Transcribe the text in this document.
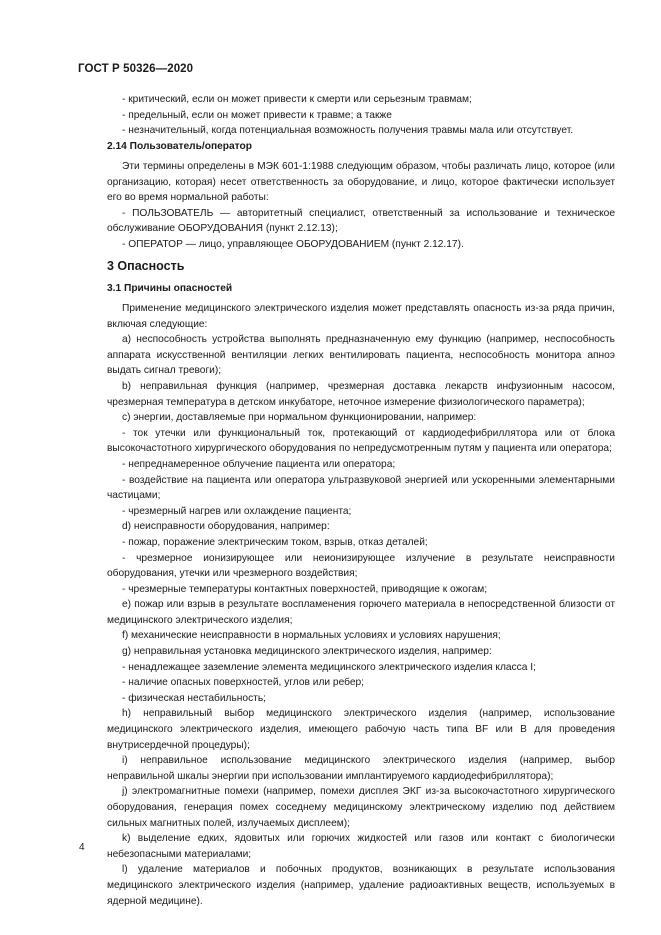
ГОСТ Р 50326—2020

- критический, если он может привести к смерти или серьезным травмам;

- предельный, если он может привести к травме; а также

- незначительный, когда потенциальная возможность получения травмы мала или отсутствует.

2.14 Пользователь/оператор

Эти термины определены в МЭК 601-1:1988 следующим образом, чтобы различать лицо, которое (или организацию, которая) несет ответственность за оборудование, и лицо, которое фактически использует его во время нормальной работы:

- ПОЛЬЗОВАТЕЛЬ — авторитетный специалист, ответственный за использование и техническое обслуживание ОБОРУДОВАНИЯ (пункт 2.12.13);

- ОПЕРАТОР — лицо, управляющее ОБОРУДОВАНИЕМ (пункт 2.12.17).

3 Опасность
3.1 Причины опасностей

Применение медицинского электрического изделия может представлять опасность из-за ряда причин, включая следующие:

а) неспособность устройства выполнять предназначенную ему функцию (например, неспособность аппарата искусственной вентиляции легких вентилировать пациента, неспособность монитора апноэ выдать сигнал тревоги);

b) неправильная функция (например, чрезмерная доставка лекарств инфузионным насосом, чрезмерная температура в детском инкубаторе, неточное измерение физиологического параметра);

с) энергии, доставляемые при нормальном функционировании, например:

- ток утечки или функциональный ток, протекающий от кардиодефибриллятора или от блока высокочастотного хирургического оборудования по непредусмотренным путям у пациента или оператора;

- непреднамеренное облучение пациента или оператора;

- воздействие на пациента или оператора ультразвуковой энергией или ускоренными элементарными частицами;

- чрезмерный нагрев или охлаждение пациента;

d) неисправности оборудования, например:

- пожар, поражение электрическим током, взрыв, отказ деталей;

- чрезмерное ионизирующее или неионизирующее излучение в результате неисправности оборудования, утечки или чрезмерного воздействия;

- чрезмерные температуры контактных поверхностей, приводящие к ожогам;

е) пожар или взрыв в результате воспламенения горючего материала в непосредственной близости от медицинского электрического изделия;

f) механические неисправности в нормальных условиях и условиях нарушения;

g) неправильная установка медицинского электрического изделия, например:

- ненадлежащее заземление элемента медицинского электрического изделия класса I;

- наличие опасных поверхностей, углов или ребер;

- физическая нестабильность;

h) неправильный выбор медицинского электрического изделия (например, использование медицинского электрического изделия, имеющего рабочую часть типа BF или В для проведения внутрисердечной процедуры);

i) неправильное использование медицинского электрического изделия (например, выбор неправильной шкалы энергии при использовании имплантируемого кардиодефибриллятора);

j) электромагнитные помехи (например, помехи дисплея ЭКГ из-за высокочастотного хирургического оборудования, генерация помех соседнему медицинскому электрическому изделию под действием сильных магнитных полей, излучаемых дисплеем);

k) выделение едких, ядовитых или горючих жидкостей или газов или контакт с биологически небезопасными материалами;

l) удаление материалов и побочных продуктов, возникающих в результате использования медицинского электрического изделия (например, удаление радиоактивных веществ, используемых в ядерной медицине).

4
